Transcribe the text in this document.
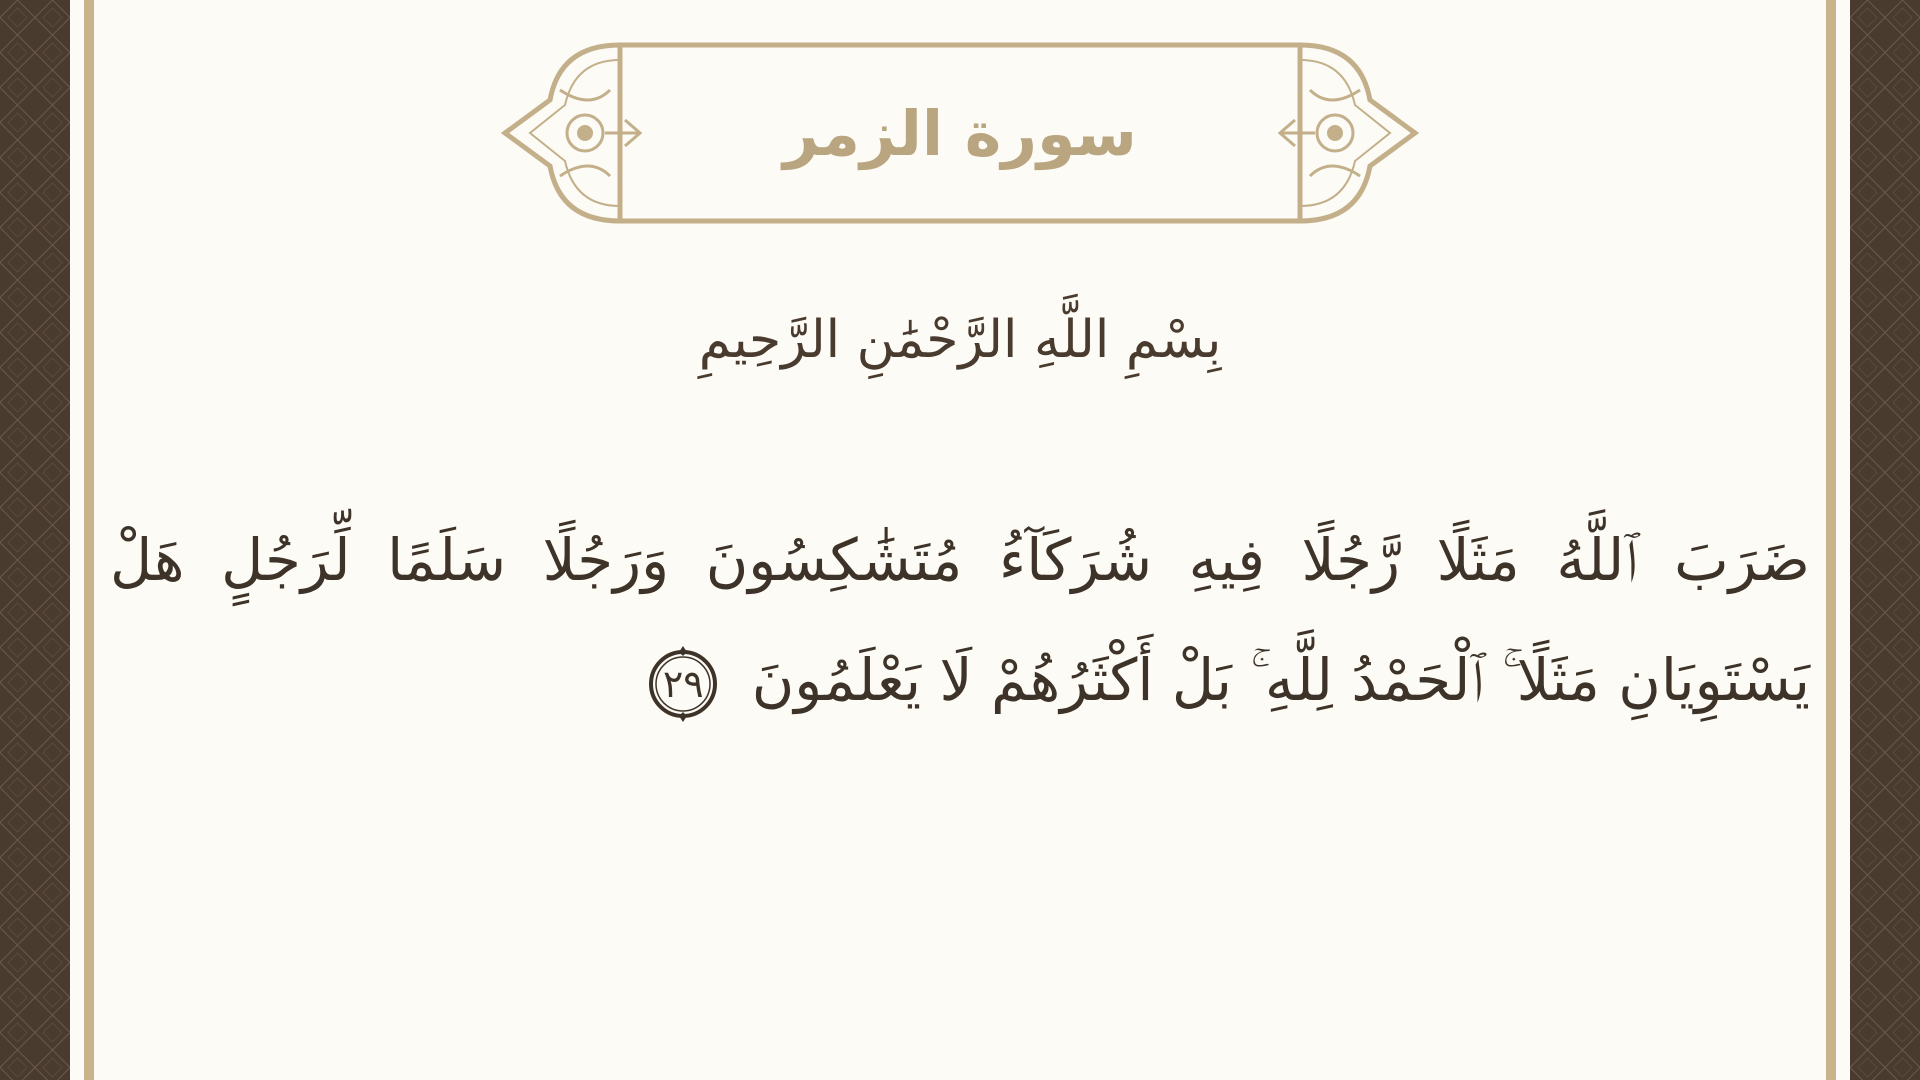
سورة الزمر
بِسْمِ اللَّهِ الرَّحْمَٰنِ الرَّحِيمِ
ضَرَبَ ٱللَّهُ مَثَلًا رَّجُلًا فِيهِ شُرَكَآءُ مُتَشَٰكِسُونَ وَرَجُلًا سَلَمًا لِّرَجُلٍ هَلْ يَسْتَوِيَانِ مَثَلًا ۚ ٱلْحَمْدُ لِلَّهِ ۚ بَلْ أَكْثَرُهُمْ لَا يَعْلَمُونَ
٢٩
